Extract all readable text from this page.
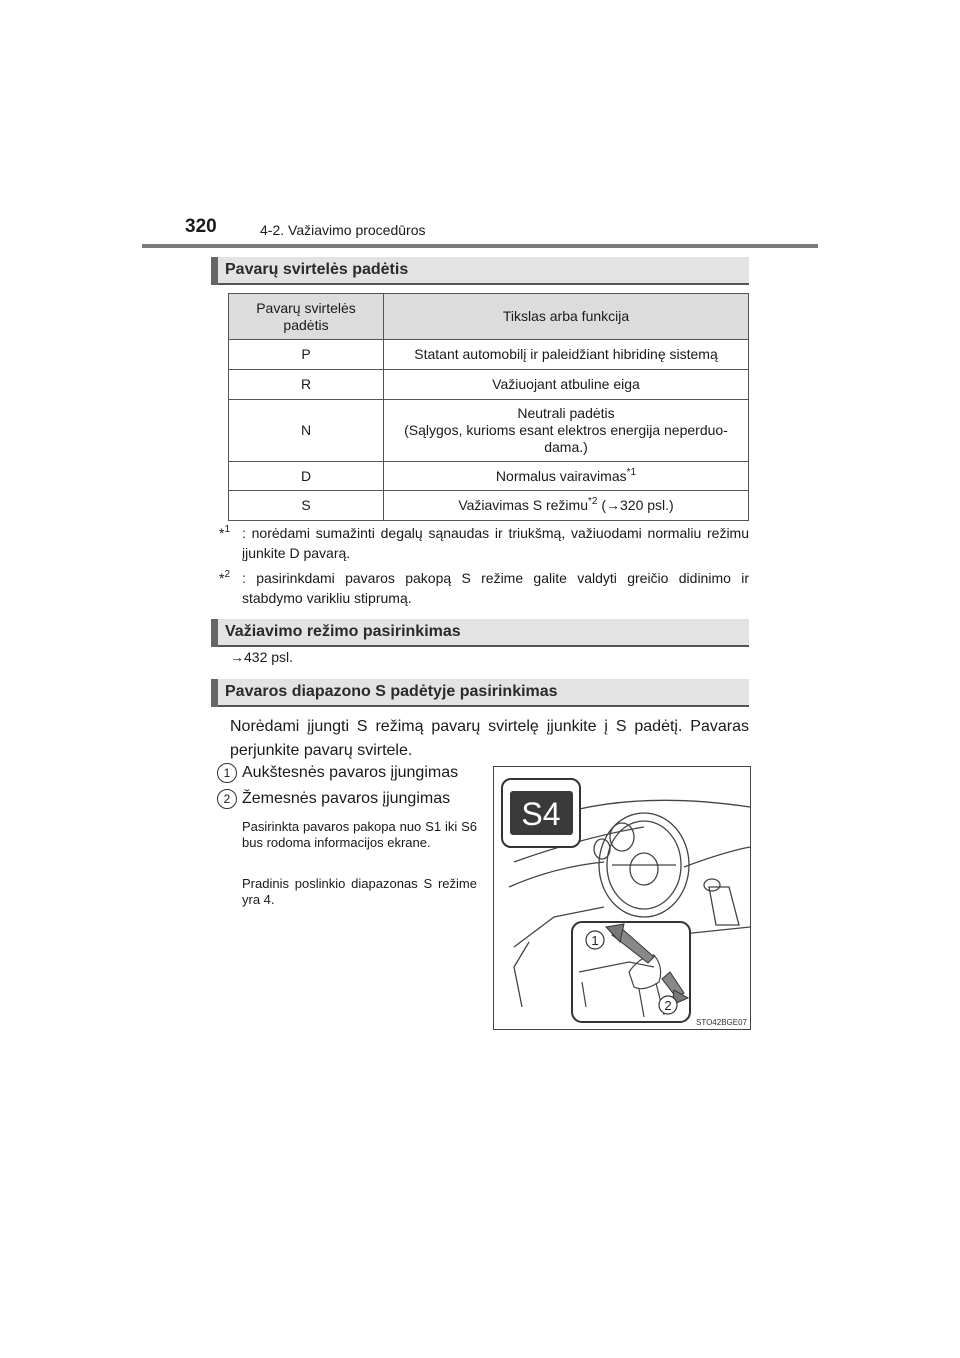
320	4-2. Važiavimo procedūros
Pavarų svirtelės padėtis
Pavarų svirtelės padėtis	Tikslas arba funkcija
P	Statant automobilį ir paleidžiant hibridinę sistemą
R	Važiuojant atbuline eiga
N	Neutrali padėtis
(Sąlygos, kurioms esant elektros energija neperduo-
dama.)

D	Normalus vairavimas$^{*1}$
S	Važiavimas S režimu$^{*2}$ (→320 psl.)
*$^1$ : norėdami sumažinti degalų sąnaudas ir triukšmą, važiuodami normaliu režimu įjunkite D pavarą.
*$^2$ : pasirinkdami pavaros pakopą S režime galite valdyti greičio didinimo ir stabdymo varikliu stiprumą.
Važiavimo režimo pasirinkimas
→432 psl.
Pavaros diapazono S padėtyje pasirinkimas
Norėdami įjungti S režimą pavarų svirtelę įjunkite į S padėtį. Pavaras perjunkite pavarų svirtele.
1 Aukštesnės pavaros įjungimas
2 Žemesnės pavaros įjungimas
Pasirinkta pavaros pakopa nuo S1 iki S6 bus rodoma informacijos ekrane.
Pradinis poslinkio diapazonas S režime yra 4.
S4
1
2
STO42BGE07
